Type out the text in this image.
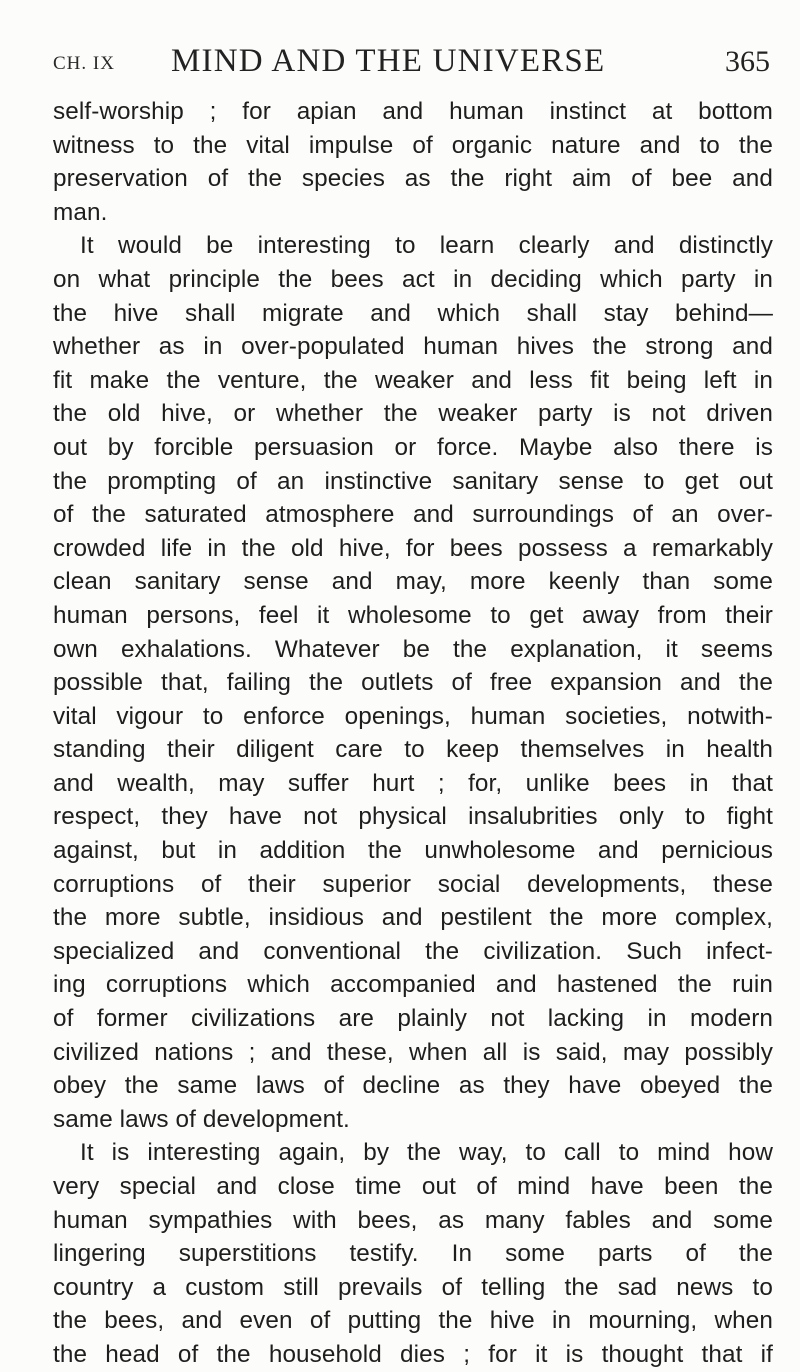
CH. IX MIND AND THE UNIVERSE	365
self-worship ; for apian and human instinct at bottom
witness to the vital impulse of organic nature and to the
preservation of the species as the right aim of bee and
man.
It would be interesting to learn clearly and distinctly
on what principle the bees act in deciding which party in
the hive shall migrate and which shall stay behind—
whether as in over-populated human hives the strong and
fit make the venture, the weaker and less fit being left in
the old hive, or whether the weaker party is not driven
out by forcible persuasion or force. Maybe also there is
the prompting of an instinctive sanitary sense to get out
of the saturated atmosphere and surroundings of an over-
crowded life in the old hive, for bees possess a remarkably
clean sanitary sense and may, more keenly than some
human persons, feel it wholesome to get away from their
own exhalations. Whatever be the explanation, it seems
possible that, failing the outlets of free expansion and the
vital vigour to enforce openings, human societies, notwith-
standing their diligent care to keep themselves in health
and wealth, may suffer hurt ; for, unlike bees in that
respect, they have not physical insalubrities only to fight
against, but in addition the unwholesome and pernicious
corruptions of their superior social developments, these
the more subtle, insidious and pestilent the more complex,
specialized and conventional the civilization. Such infect-
ing corruptions which accompanied and hastened the ruin
of former civilizations are plainly not lacking in modern
civilized nations ; and these, when all is said, may possibly
obey the same laws of decline as they have obeyed the
same laws of development.
It is interesting again, by the way, to call to mind how
very special and close time out of mind have been the
human sympathies with bees, as many fables and some
lingering superstitions testify. In some parts of the
country a custom still prevails of telling the sad news to
the bees, and even of putting the hive in mourning, when
the head of the household dies ; for it is thought that if
